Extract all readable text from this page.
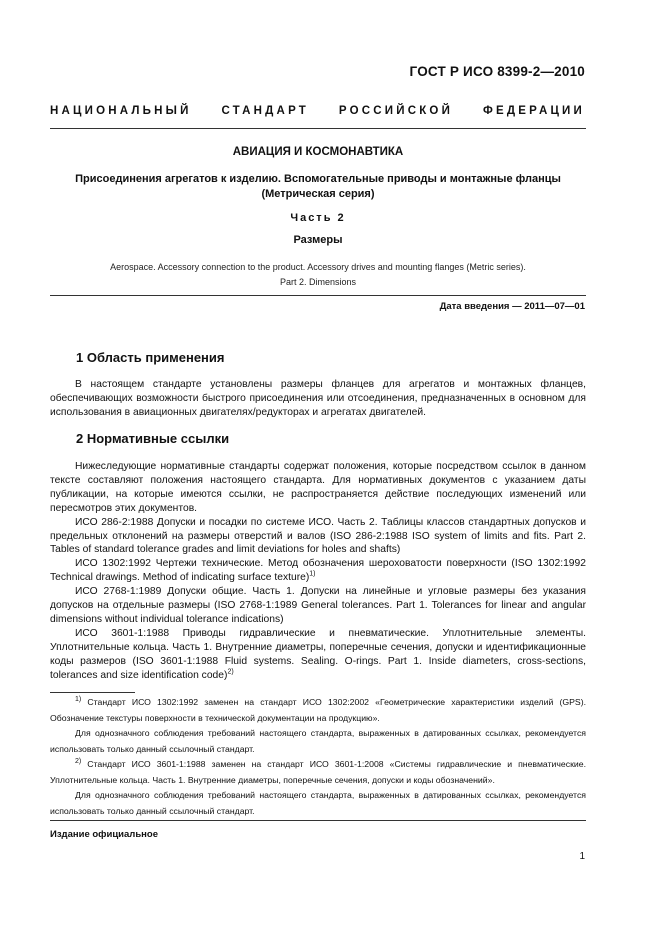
ГОСТ Р ИСО 8399-2—2010
НАЦИОНАЛЬНЫЙ	СТАНДАРТ	РОССИЙСКОЙ	ФЕДЕРАЦИИ
АВИАЦИЯ И КОСМОНАВТИКА
Присоединения агрегатов к изделию. Вспомогательные приводы и монтажные фланцы
(Метрическая серия)
Часть 2
Размеры
Aerospace. Accessory connection to the product. Accessory drives and mounting flanges (Metric series).
Part 2. Dimensions
Дата введения — 2011—07—01
1 Область применения

В настоящем стандарте установлены размеры фланцев для агрегатов и монтажных фланцев, обеспечивающих возможности быстрого присоединения или отсоединения, предназначенных в основном для использования в авиационных двигателях/редукторах и агрегатах двигателей.

2 Нормативные ссылки

Нижеследующие нормативные стандарты содержат положения, которые посредством ссылок в данном тексте составляют положения настоящего стандарта. Для нормативных документов с указанием даты публикации, на которые имеются ссылки, не распространяется действие последующих изменений или пересмотров этих документов.

ИСО 286-2:1988 Допуски и посадки по системе ИСО. Часть 2. Таблицы классов стандартных допусков и предельных отклонений на размеры отверстий и валов (ISO 286-2:1988 ISO system of limits and fits. Part 2. Tables of standard tolerance grades and limit deviations for holes and shafts)

ИСО 1302:1992 Чертежи технические. Метод обозначения шероховатости поверхности (ISO 1302:1992 Technical drawings. Method of indicating surface texture)$^{1)}$

ИСО 2768-1:1989 Допуски общие. Часть 1. Допуски на линейные и угловые размеры без указания допусков на отдельные размеры (ISO 2768-1:1989 General tolerances. Part 1. Tolerances for linear and angular dimensions without individual tolerance indications)

ИСО 3601-1:1988 Приводы гидравлические и пневматические. Уплотнительные элементы. Уплотнительные кольца. Часть 1. Внутренние диаметры, поперечные сечения, допуски и идентификационные коды размеров (ISO 3601-1:1988 Fluid systems. Sealing. O-rings. Part 1. Inside diameters, cross-sections, tolerances and size identification code)$^{2)}$

$^{1)}$ Стандарт ИСО 1302:1992 заменен на стандарт ИСО 1302:2002 «Геометрические характеристики изделий (GPS). Обозначение текстуры поверхности в технической документации на продукцию».

Для однозначного соблюдения требований настоящего стандарта, выраженных в датированных ссылках, рекомендуется использовать только данный ссылочный стандарт.

$^{2)}$ Стандарт ИСО 3601-1:1988 заменен на стандарт ИСО 3601-1:2008 «Системы гидравлические и пневматические. Уплотнительные кольца. Часть 1. Внутренние диаметры, поперечные сечения, допуски и коды обозначений».

Для однозначного соблюдения требований настоящего стандарта, выраженных в датированных ссылках, рекомендуется использовать только данный ссылочный стандарт.

Издание официальное
1
